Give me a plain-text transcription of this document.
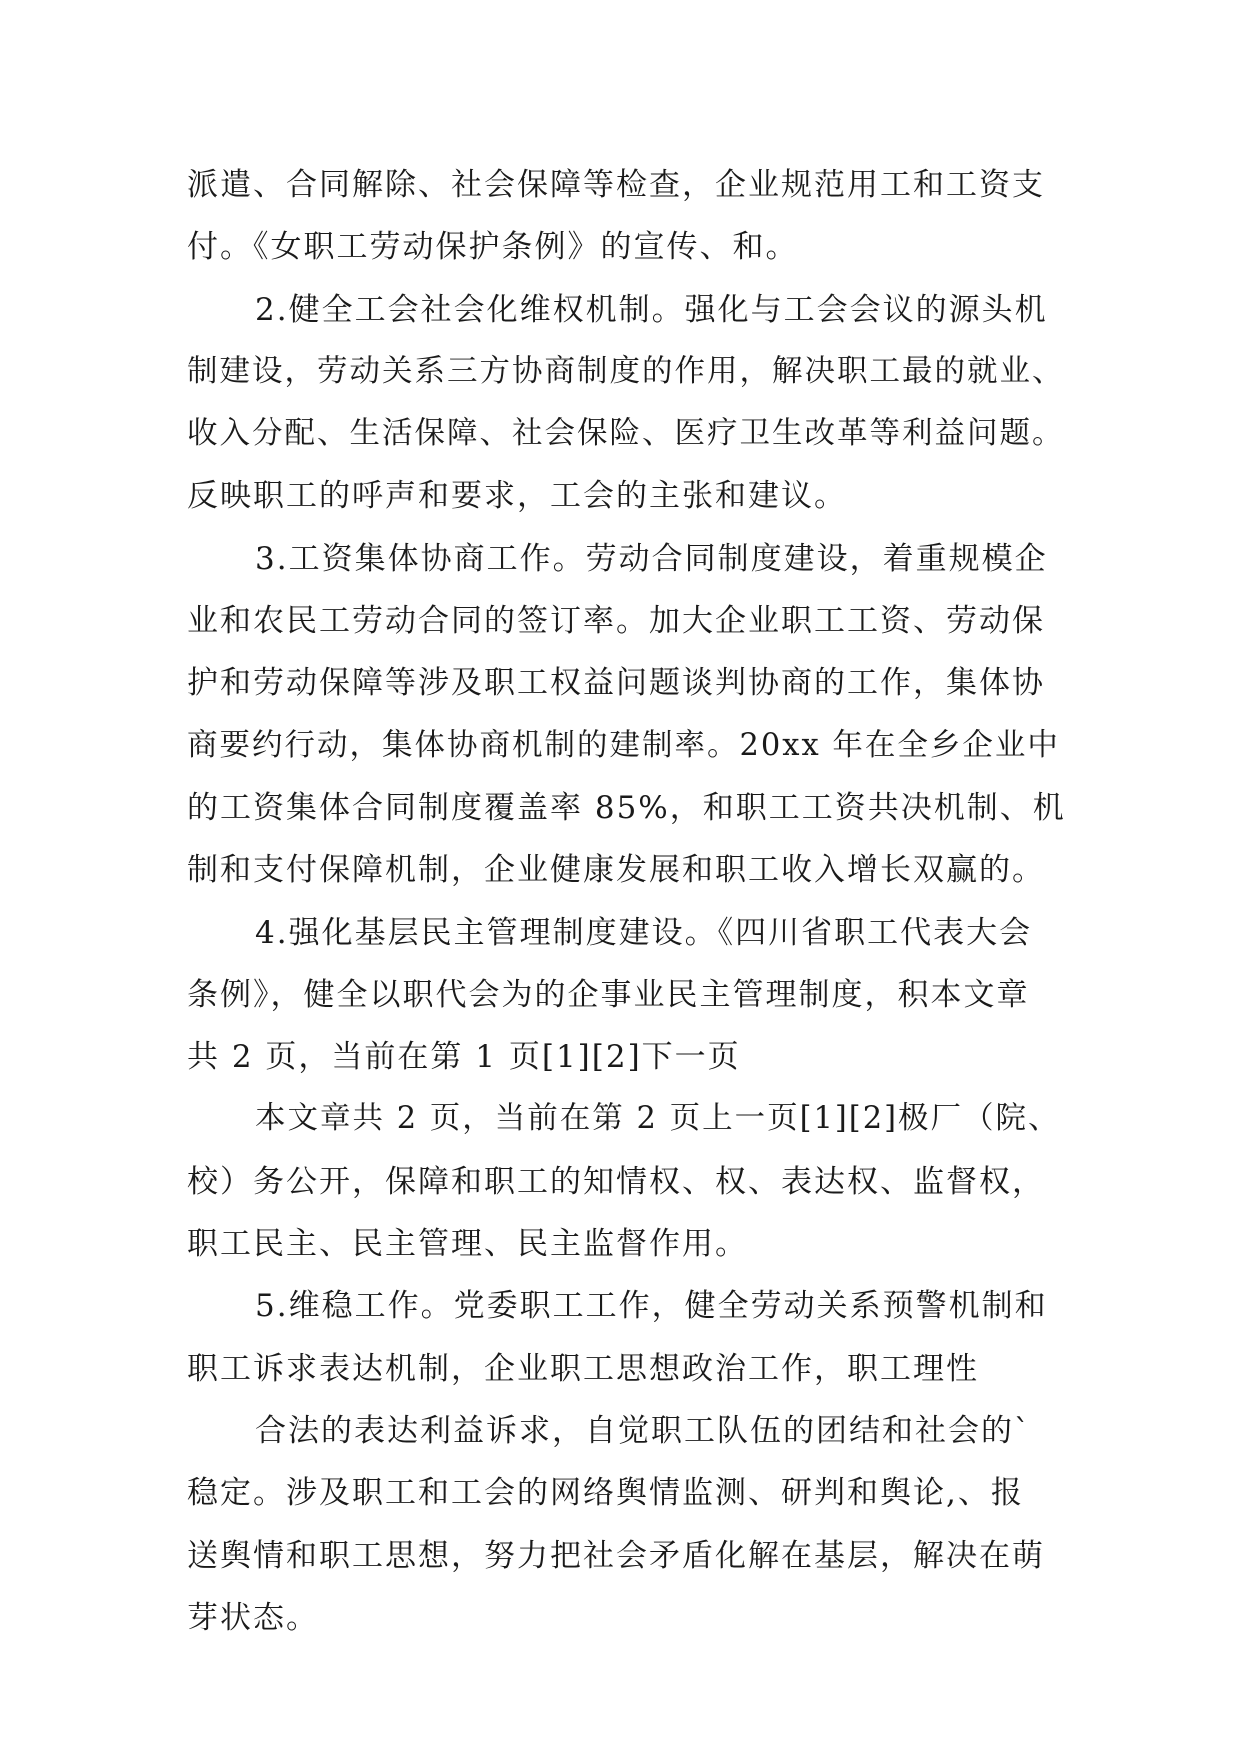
派遣、合同解除、社会保障等检查，企业规范用工和工资支
付。《女职工劳动保护条例》的宣传、和。
2.健全工会社会化维权机制。强化与工会会议的源头机
制建设，劳动关系三方协商制度的作用，解决职工最的就业、
收入分配、生活保障、社会保险、医疗卫生改革等利益问题。
反映职工的呼声和要求，工会的主张和建议。
3.工资集体协商工作。劳动合同制度建设，着重规模企
业和农民工劳动合同的签订率。加大企业职工工资、劳动保
护和劳动保障等涉及职工权益问题谈判协商的工作，集体协
商要约行动，集体协商机制的建制率。20xx 年在全乡企业中
的工资集体合同制度覆盖率 85%，和职工工资共决机制、机
制和支付保障机制，企业健康发展和职工收入增长双赢的。
4.强化基层民主管理制度建设。《四川省职工代表大会
条例》，健全以职代会为的企事业民主管理制度，积本文章
共 2 页，当前在第 1 页[1][2]下一页
本文章共 2 页，当前在第 2 页上一页[1][2]极厂（院、
校）务公开，保障和职工的知情权、权、表达权、监督权，
职工民主、民主管理、民主监督作用。
5.维稳工作。党委职工工作，健全劳动关系预警机制和
职工诉求表达机制，企业职工思想政治工作，职工理性
合法的表达利益诉求，自觉职工队伍的团结和社会的`
稳定。涉及职工和工会的网络舆情监测、研判和舆论,、报
送舆情和职工思想，努力把社会矛盾化解在基层，解决在萌
芽状态。
